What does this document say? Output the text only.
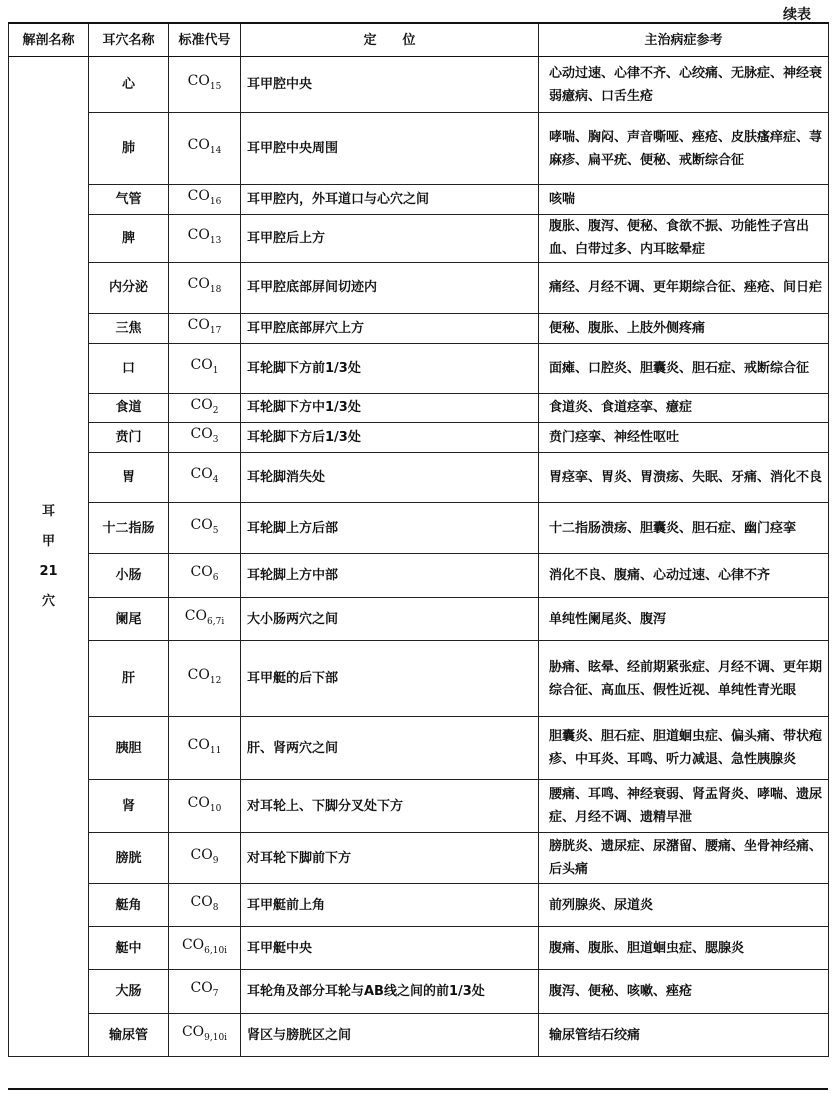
续表
解剖名称	耳穴名称	标准代号	定　　位	主治病症参考

耳
甲
21
穴	心	$CO_{15}$	耳甲腔中央	心动过速、心律不齐、心绞痛、无脉症、神经衰弱癔病、口舌生疮
	肺	$CO_{14}$	耳甲腔中央周围	哮喘、胸闷、声音嘶哑、痤疮、皮肤瘙痒症、荨麻疹、扁平疣、便秘、戒断综合征
	气管	$CO_{16}$	耳甲腔内，外耳道口与心穴之间	咳喘
	脾	$CO_{13}$	耳甲腔后上方	腹胀、腹泻、便秘、食欲不振、功能性子宫出血、白带过多、内耳眩晕症
	内分泌	$CO_{18}$	耳甲腔底部屏间切迹内	痛经、月经不调、更年期综合征、痤疮、间日疟
	三焦	$CO_{17}$	耳甲腔底部屏穴上方	便秘、腹胀、上肢外侧疼痛
	口	$CO_1$	耳轮脚下方前1/3处	面瘫、口腔炎、胆囊炎、胆石症、戒断综合征
	食道	$CO_2$	耳轮脚下方中1/3处	食道炎、食道痉挛、癔症
	贲门	$CO_3$	耳轮脚下方后1/3处	贲门痉挛、神经性呕吐
	胃	$CO_4$	耳轮脚消失处	胃痉挛、胃炎、胃溃疡、失眠、牙痛、消化不良
	十二指肠	$CO_5$	耳轮脚上方后部	十二指肠溃疡、胆囊炎、胆石症、幽门痉挛
	小肠	$CO_6$	耳轮脚上方中部	消化不良、腹痛、心动过速、心律不齐
	阑尾	$CO_{6,7i}$	大小肠两穴之间	单纯性阑尾炎、腹泻
	肝	$CO_{12}$	耳甲艇的后下部	胁痛、眩晕、经前期紧张症、月经不调、更年期综合征、高血压、假性近视、单纯性青光眼
	胰胆	$CO_{11}$	肝、肾两穴之间	胆囊炎、胆石症、胆道蛔虫症、偏头痛、带状疱疹、中耳炎、耳鸣、听力减退、急性胰腺炎
	肾	$CO_{10}$	对耳轮上、下脚分叉处下方	腰痛、耳鸣、神经衰弱、肾盂肾炎、哮喘、遗尿症、月经不调、遗精早泄
	膀胱	$CO_9$	对耳轮下脚前下方	膀胱炎、遗尿症、尿潴留、腰痛、坐骨神经痛、后头痛
	艇角	$CO_8$	耳甲艇前上角	前列腺炎、尿道炎
	艇中	$CO_{6,10i}$	耳甲艇中央	腹痛、腹胀、胆道蛔虫症、腮腺炎
	大肠	$CO_7$	耳轮角及部分耳轮与AB线之间的前1/3处	腹泻、便秘、咳嗽、痤疮
	输尿管	$CO_{9,10i}$	肾区与膀胱区之间	输尿管结石绞痛
